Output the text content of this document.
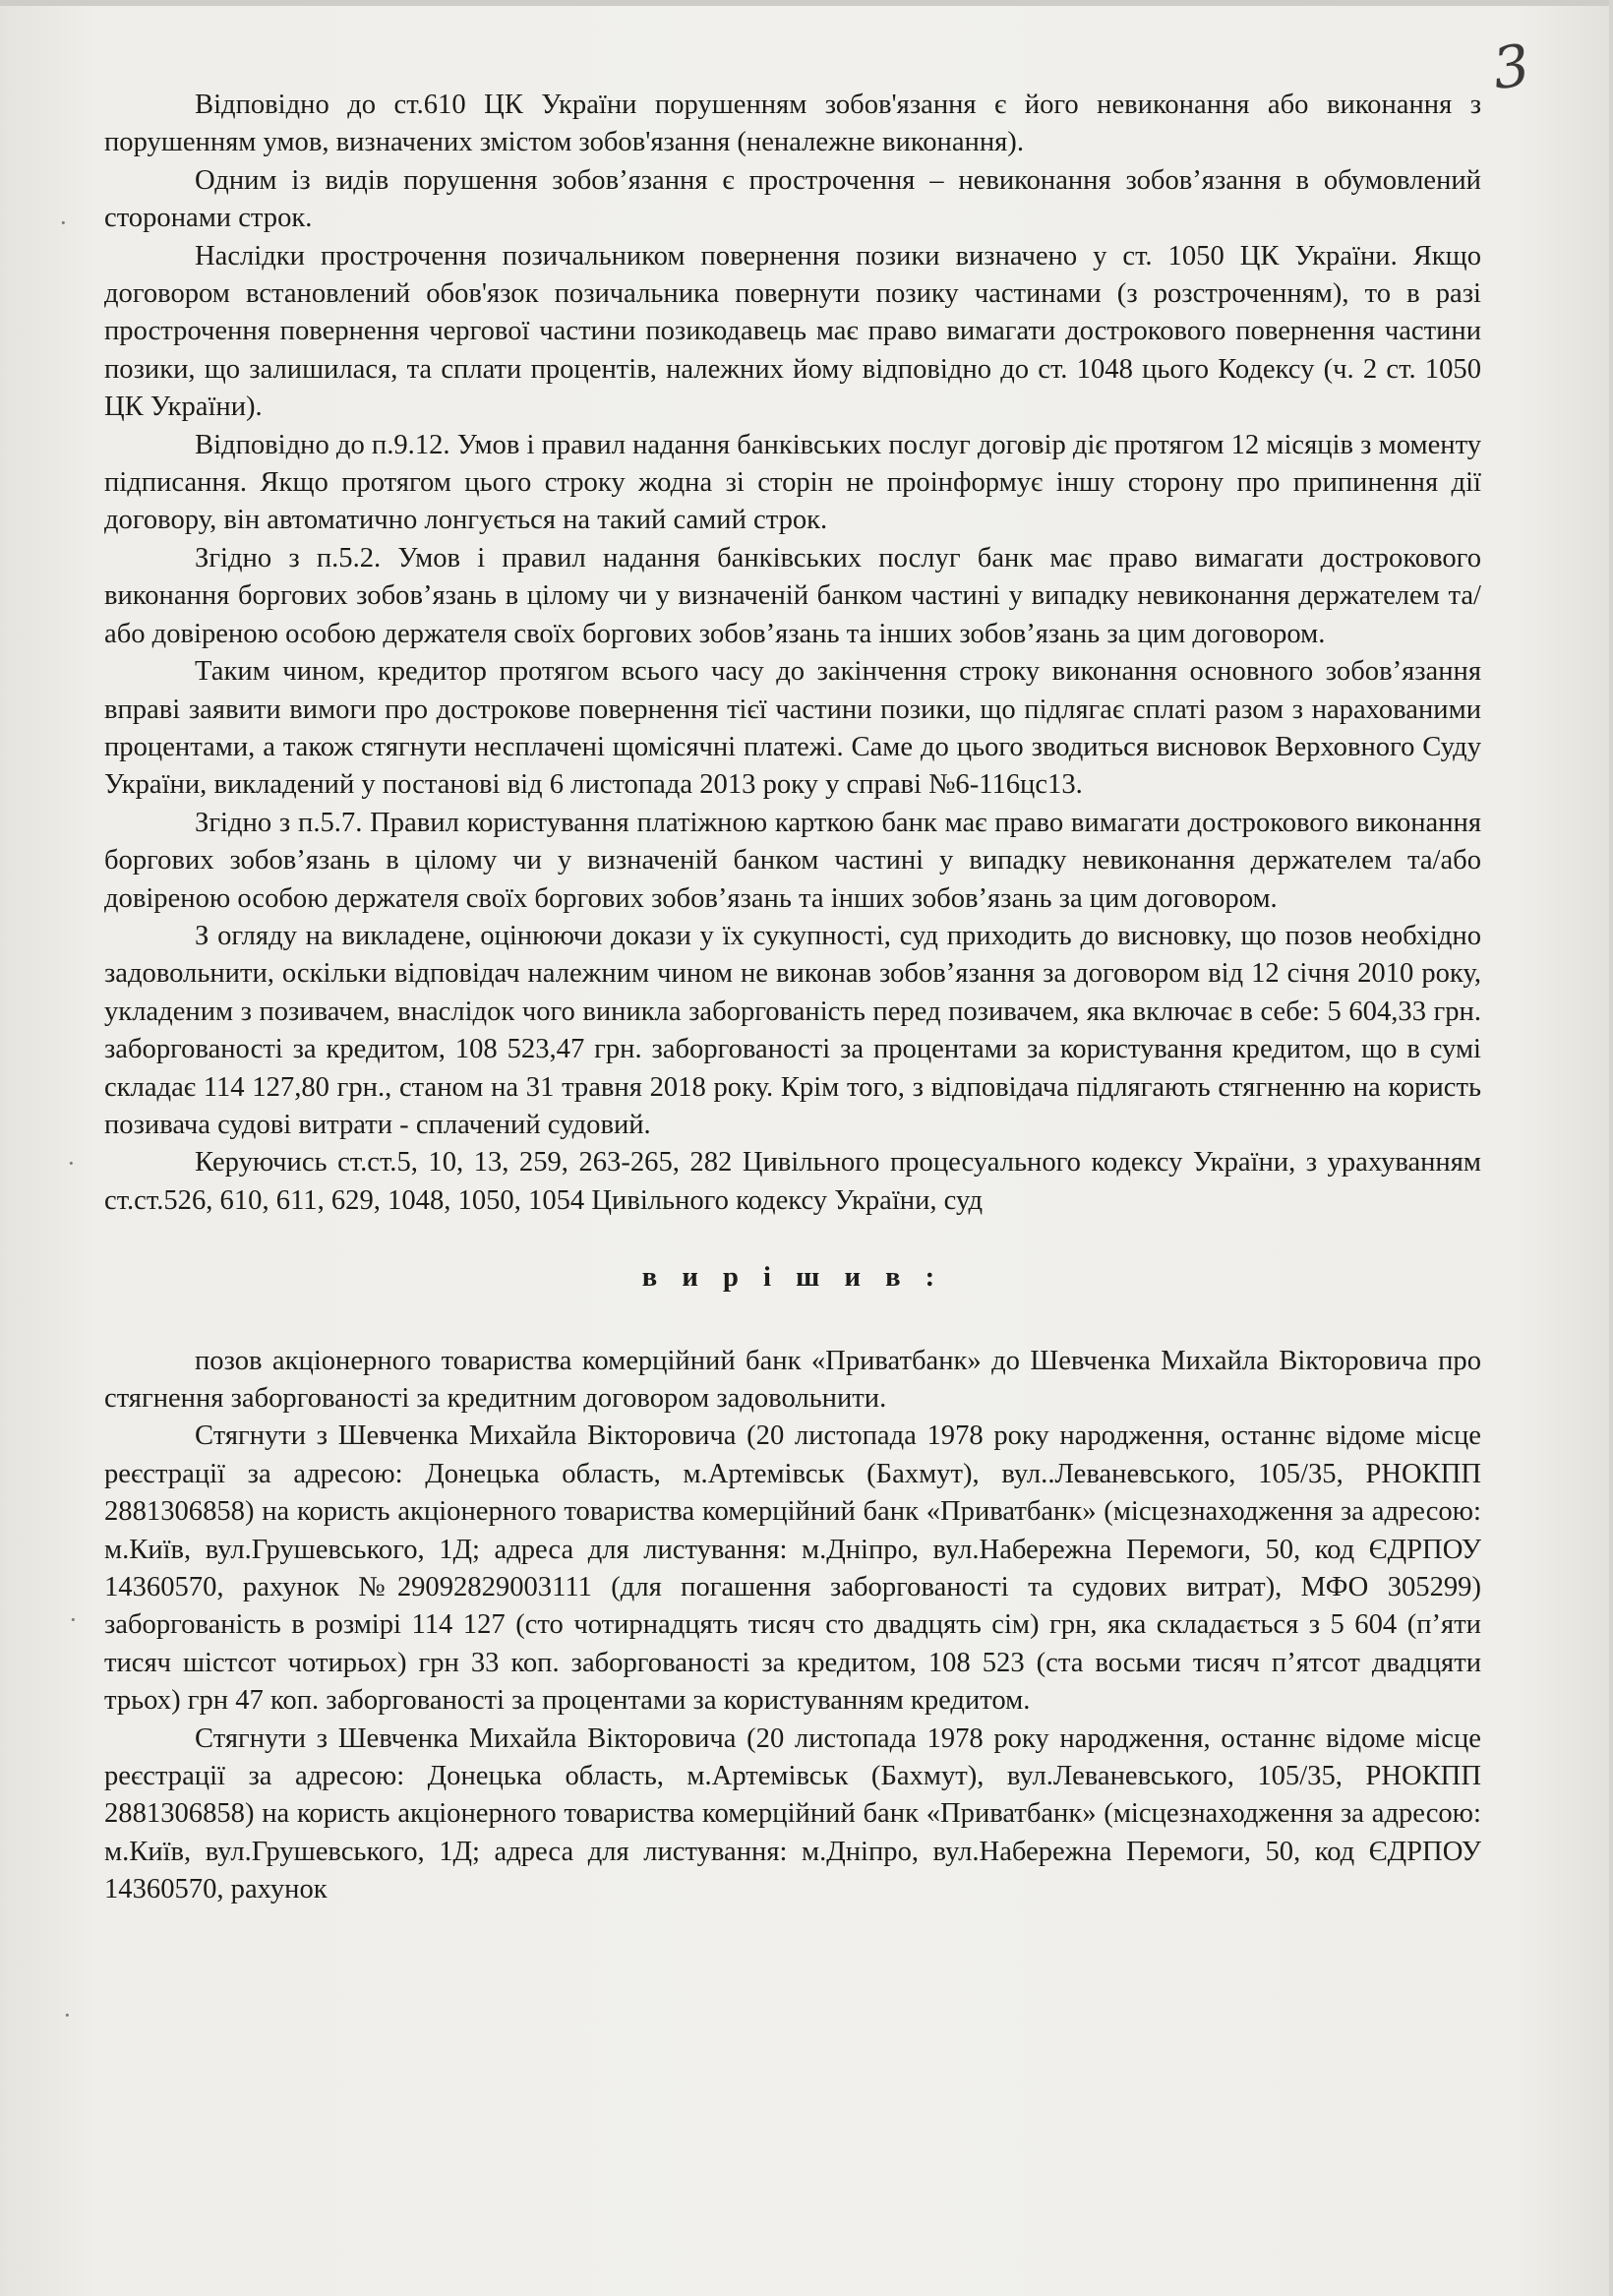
3
·
·
·
·

Відповідно до ст.610 ЦК України порушенням зобов'язання є його невиконання або виконання з порушенням умов, визначених змістом зобов'язання (неналежне виконання).

Одним із видів порушення зобов’язання є прострочення – невиконання зобов’язання в обумовлений сторонами строк.

Наслідки прострочення позичальником повернення позики визначено у ст. 1050 ЦК України. Якщо договором встановлений обов'язок позичальника повернути позику частинами (з розстроченням), то в разі прострочення повернення чергової частини позикодавець має право вимагати дострокового повернення частини позики, що залишилася, та сплати процентів, належних йому відповідно до ст. 1048 цього Кодексу (ч. 2 ст. 1050 ЦК України).

Відповідно до п.9.12. Умов і правил надання банківських послуг договір діє протягом 12 місяців з моменту підписання. Якщо протягом цього строку жодна зі сторін не проінформує іншу сторону про припинення дії договору, він автоматично лонгується на такий самий строк.

Згідно з п.5.2. Умов і правил надання банківських послуг банк має право вимагати дострокового виконання боргових зобов’язань в цілому чи у визначеній банком частині у випадку невиконання держателем та/або довіреною особою держателя своїх боргових зобов’язань та інших зобов’язань за цим договором.

Таким чином, кредитор протягом всього часу до закінчення строку виконання основного зобов’язання вправі заявити вимоги про дострокове повернення тієї частини позики, що підлягає сплаті разом з нарахованими процентами, а також стягнути несплачені щомісячні платежі. Саме до цього зводиться висновок Верховного Суду України, викладений у постанові від 6 листопада 2013 року у справі №6-116цс13.

Згідно з п.5.7. Правил користування платіжною карткою банк має право вимагати дострокового виконання боргових зобов’язань в цілому чи у визначеній банком частині у випадку невиконання держателем та/або довіреною особою держателя своїх боргових зобов’язань та інших зобов’язань за цим договором.

З огляду на викладене, оцінюючи докази у їх сукупності, суд приходить до висновку, що позов необхідно задовольнити, оскільки відповідач належним чином не виконав зобов’язання за договором від 12 січня 2010 року, укладеним з позивачем, внаслідок чого виникла заборгованість перед позивачем, яка включає в себе: 5 604,33 грн. заборгованості за кредитом, 108 523,47 грн. заборгованості за процентами за користування кредитом, що в сумі складає 114 127,80 грн., станом на 31 травня 2018 року. Крім того, з відповідача підлягають стягненню на користь позивача судові витрати - сплачений судовий.

Керуючись ст.ст.5, 10, 13, 259, 263-265, 282 Цивільного процесуального кодексу України, з урахуванням ст.ст.526, 610, 611, 629, 1048, 1050, 1054 Цивільного кодексу України, суд

в и р і ш и в :

позов акціонерного товариства комерційний банк «Приватбанк» до Шевченка Михайла Вікторовича про стягнення заборгованості за кредитним договором задовольнити.

Стягнути з Шевченка Михайла Вікторовича (20 листопада 1978 року народження, останнє відоме місце реєстрації за адресою: Донецька область, м.Артемівськ (Бахмут), вул..Леваневського, 105/35, РНОКПП 2881306858) на користь акціонерного товариства комерційний банк «Приватбанк» (місцезнаходження за адресою: м.Київ, вул.Грушевського, 1Д; адреса для листування: м.Дніпро, вул.Набережна Перемоги, 50, код ЄДРПОУ 14360570, рахунок №29092829003111 (для погашення заборгованості та судових витрат), МФО 305299) заборгованість в розмірі 114 127 (сто чотирнадцять тисяч сто двадцять сім) грн, яка складається з 5 604 (п’яти тисяч шістсот чотирьох) грн 33 коп. заборгованості за кредитом, 108 523 (ста восьми тисяч п’ятсот двадцяти трьох) грн 47 коп. заборгованості за процентами за користуванням кредитом.

Стягнути з Шевченка Михайла Вікторовича (20 листопада 1978 року народження, останнє відоме місце реєстрації за адресою: Донецька область, м.Артемівськ (Бахмут), вул.Леваневського, 105/35, РНОКПП 2881306858) на користь акціонерного товариства комерційний банк «Приватбанк» (місцезнаходження за адресою: м.Київ, вул.Грушевського, 1Д; адреса для листування: м.Дніпро, вул.Набережна Перемоги, 50, код ЄДРПОУ 14360570, рахунок
